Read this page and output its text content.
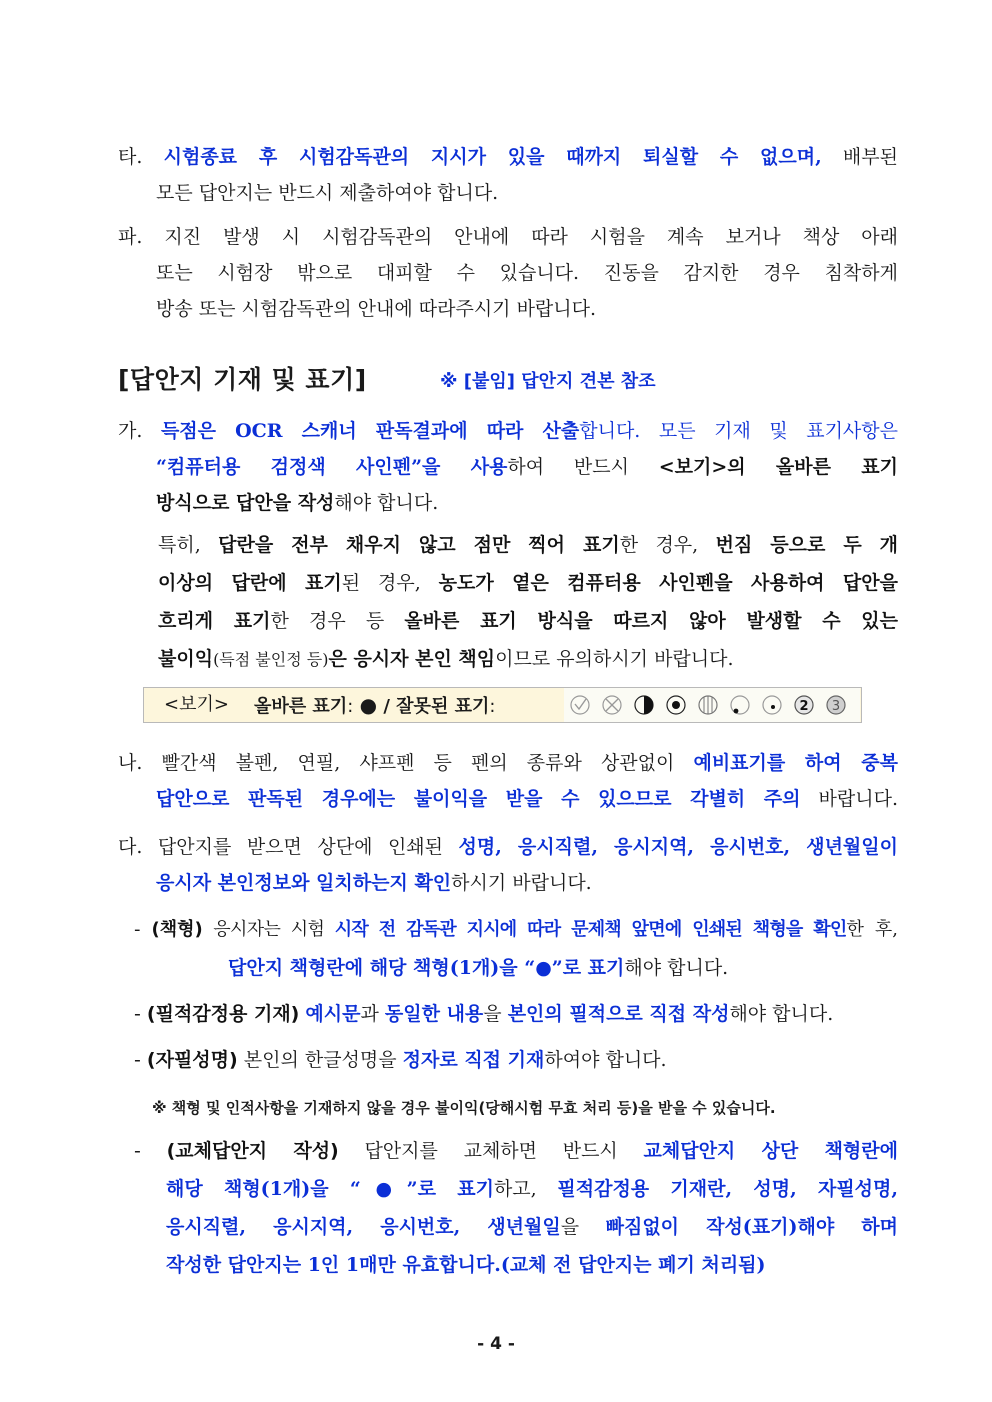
타. 시험종료 후 시험감독관의 지시가 있을 때까지 퇴실할 수 없으며, 배부된
모든 답안지는 반드시 제출하여야 합니다.
파. 지진 발생 시 시험감독관의 안내에 따라 시험을 계속 보거나 책상 아래
또는 시험장 밖으로 대피할 수 있습니다. 진동을 감지한 경우 침착하게
방송 또는 시험감독관의 안내에 따라주시기 바랍니다.
[답안지 기재 및 표기]	※ [붙임] 답안지 견본 참조
가. 득점은 OCR 스캐너 판독결과에 따라 산출합니다. 모든 기재 및 표기사항은
“컴퓨터용 검정색 사인펜”을 사용하여 반드시 <보기>의 올바른 표기
방식으로 답안을 작성해야 합니다.
특히, 답란을 전부 채우지 않고 점만 찍어 표기한 경우, 번짐 등으로 두 개
이상의 답란에 표기된 경우, 농도가 옅은 컴퓨터용 사인펜을 사용하여 답안을
흐리게 표기한 경우 등 올바른 표기 방식을 따르지 않아 발생할 수 있는
불이익(득점 불인정 등)은 응시자 본인 책임이므로 유의하시기 바랍니다.
<보기> 올바른 표기: ● / 잘못된 표기:	2 3
나. 빨간색 볼펜, 연필, 샤프펜 등 펜의 종류와 상관없이 예비표기를 하여 중복
답안으로 판독된 경우에는 불이익을 받을 수 있으므로 각별히 주의 바랍니다.
다. 답안지를 받으면 상단에 인쇄된 성명, 응시직렬, 응시지역, 응시번호, 생년월일이
응시자 본인정보와 일치하는지 확인하시기 바랍니다.
- (책형) 응시자는 시험 시작 전 감독관 지시에 따라 문제책 앞면에 인쇄된 책형을 확인한 후,
답안지 책형란에 해당 책형(1개)을 “●”로 표기해야 합니다.
- (필적감정용 기재) 예시문과 동일한 내용을 본인의 필적으로 직접 작성해야 합니다.
- (자필성명) 본인의 한글성명을 정자로 직접 기재하여야 합니다.
※ 책형 및 인적사항을 기재하지 않을 경우 불이익(당해시험 무효 처리 등)을 받을 수 있습니다.
- (교체답안지 작성) 답안지를 교체하면 반드시 교체답안지 상단 책형란에
해당 책형(1개)을 “●”로 표기하고, 필적감정용 기재란, 성명, 자필성명,
응시직렬, 응시지역, 응시번호, 생년월일을 빠짐없이 작성(표기)해야 하며
작성한 답안지는 1인 1매만 유효합니다.(교체 전 답안지는 폐기 처리됨)
- 4 -
